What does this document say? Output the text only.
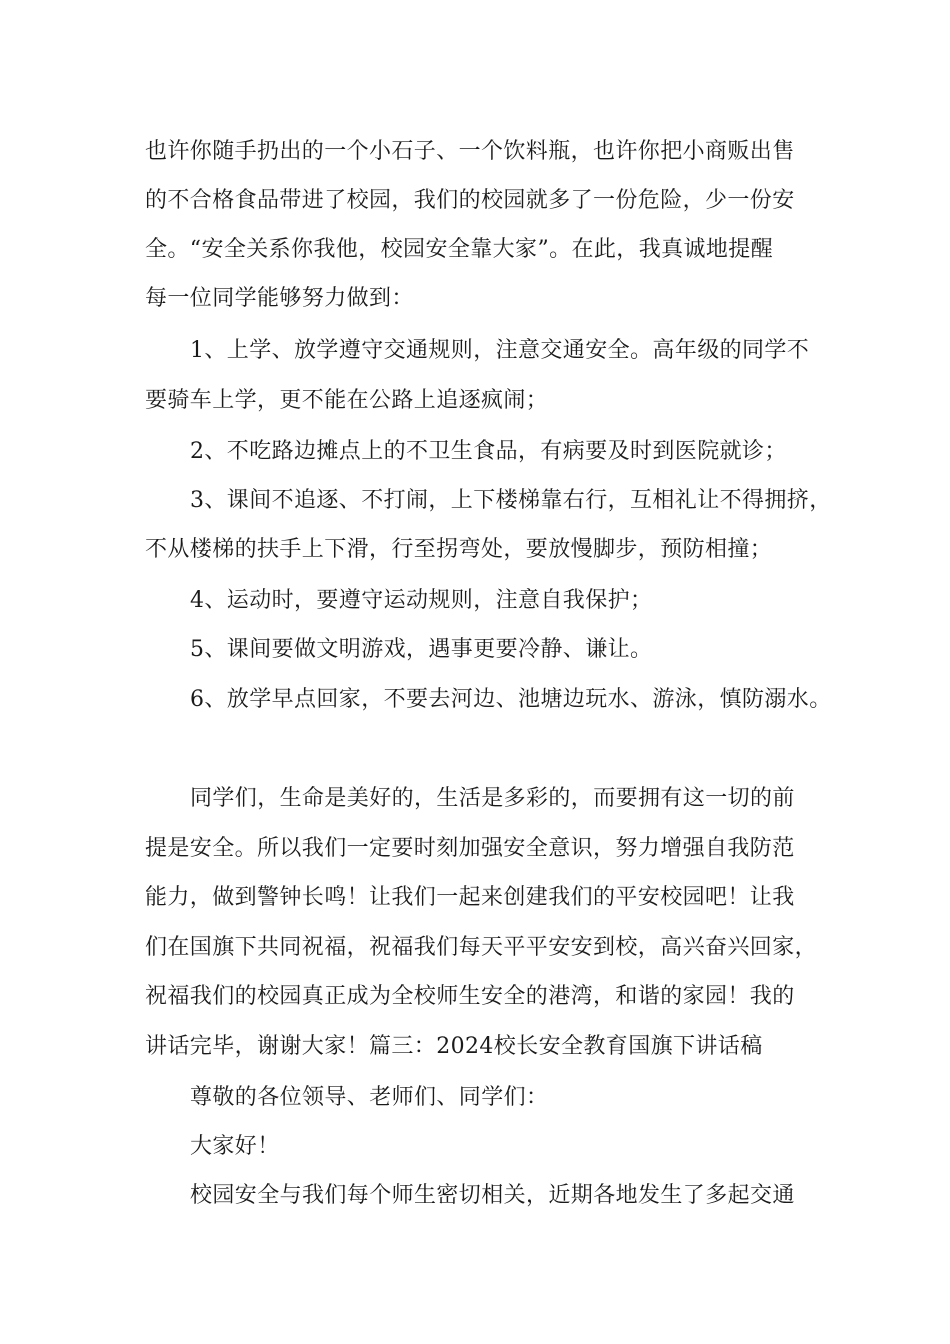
也许你随手扔出的一个小石子、一个饮料瓶，也许你把小商贩出售
的不合格食品带进了校园，我们的校园就多了一份危险，少一份安
全。“安全关系你我他，校园安全靠大家”。在此，我真诚地提醒
每一位同学能够努力做到：
1、上学、放学遵守交通规则，注意交通安全。高年级的同学不
要骑车上学，更不能在公路上追逐疯闹；
2、不吃路边摊点上的不卫生食品，有病要及时到医院就诊；
3、课间不追逐、不打闹，上下楼梯靠右行，互相礼让不得拥挤，
不从楼梯的扶手上下滑，行至拐弯处，要放慢脚步，预防相撞；
4、运动时，要遵守运动规则，注意自我保护；
5、课间要做文明游戏，遇事更要冷静、谦让。
6、放学早点回家，不要去河边、池塘边玩水、游泳，慎防溺水。
同学们，生命是美好的，生活是多彩的，而要拥有这一切的前
提是安全。所以我们一定要时刻加强安全意识，努力增强自我防范
能力，做到警钟长鸣！让我们一起来创建我们的平安校园吧！让我
们在国旗下共同祝福，祝福我们每天平平安安到校，高兴奋兴回家，
祝福我们的校园真正成为全校师生安全的港湾，和谐的家园！我的
讲话完毕，谢谢大家！篇三：2024校长安全教育国旗下讲话稿
尊敬的各位领导、老师们、同学们：
大家好！
校园安全与我们每个师生密切相关，近期各地发生了多起交通
